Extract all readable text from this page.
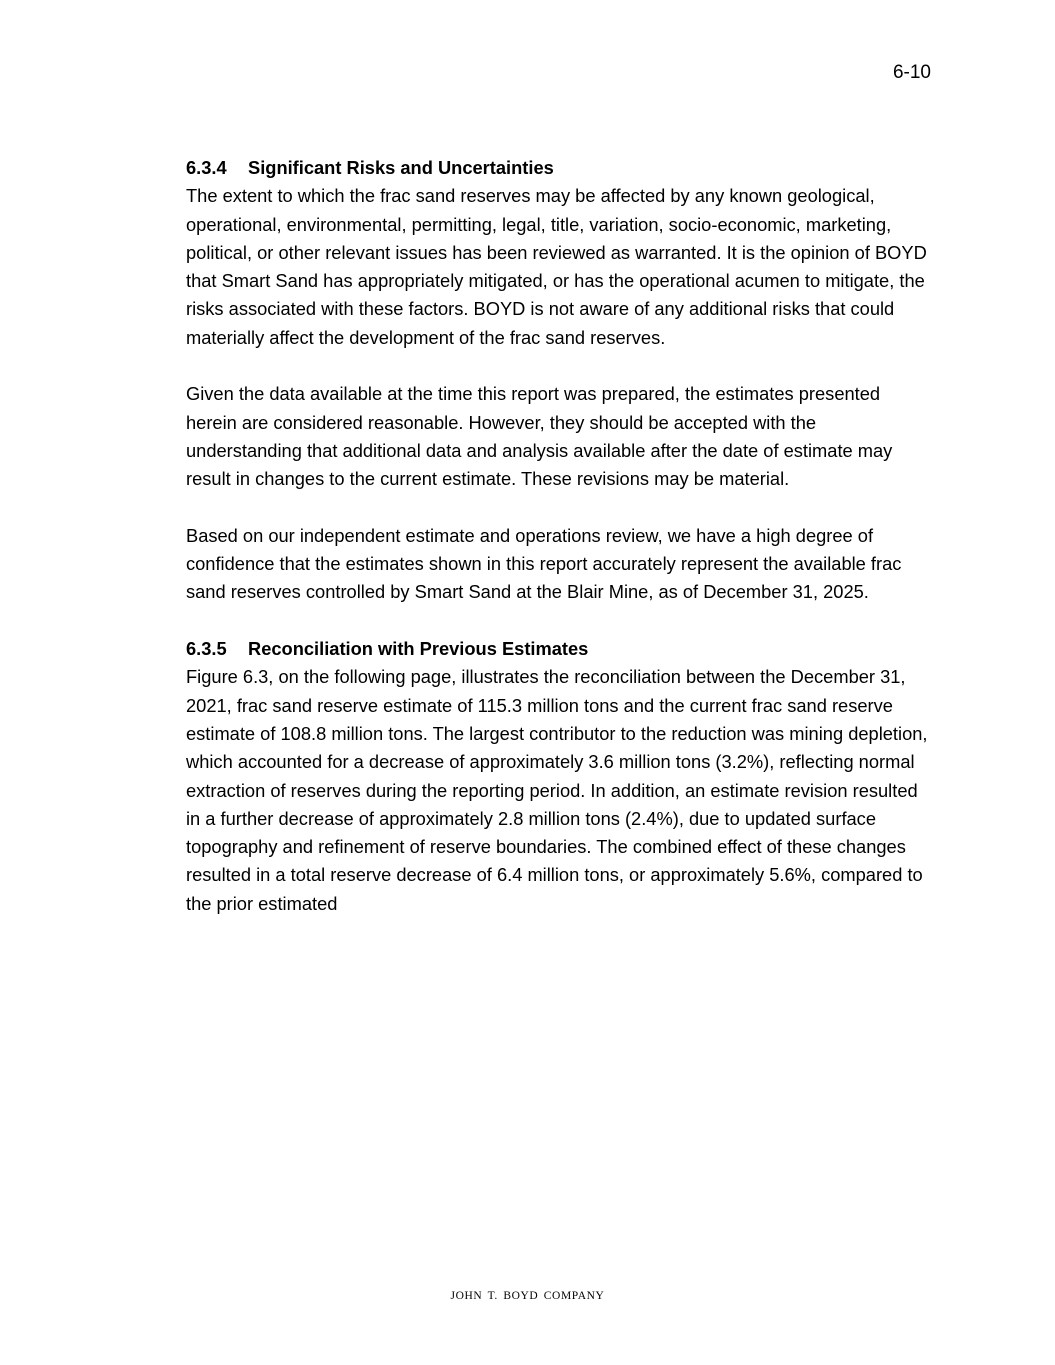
6-10

6.3.4 Significant Risks and Uncertainties

The extent to which the frac sand reserves may be affected by any known geological, operational, environmental, permitting, legal, title, variation, socio-economic, marketing, political, or other relevant issues has been reviewed as warranted. It is the opinion of BOYD that Smart Sand has appropriately mitigated, or has the operational acumen to mitigate, the risks associated with these factors. BOYD is not aware of any additional risks that could materially affect the development of the frac sand reserves.

Given the data available at the time this report was prepared, the estimates presented herein are considered reasonable. However, they should be accepted with the understanding that additional data and analysis available after the date of estimate may result in changes to the current estimate. These revisions may be material.

Based on our independent estimate and operations review, we have a high degree of confidence that the estimates shown in this report accurately represent the available frac sand reserves controlled by Smart Sand at the Blair Mine, as of December 31, 2025.

6.3.5 Reconciliation with Previous Estimates

Figure 6.3, on the following page, illustrates the reconciliation between the December 31, 2021, frac sand reserve estimate of 115.3 million tons and the current frac sand reserve estimate of 108.8 million tons. The largest contributor to the reduction was mining depletion, which accounted for a decrease of approximately 3.6 million tons (3.2%), reflecting normal extraction of reserves during the reporting period. In addition, an estimate revision resulted in a further decrease of approximately 2.8 million tons (2.4%), due to updated surface topography and refinement of reserve boundaries. The combined effect of these changes resulted in a total reserve decrease of 6.4 million tons, or approximately 5.6%, compared to the prior estimated

JOHN T. BOYD COMPANY
